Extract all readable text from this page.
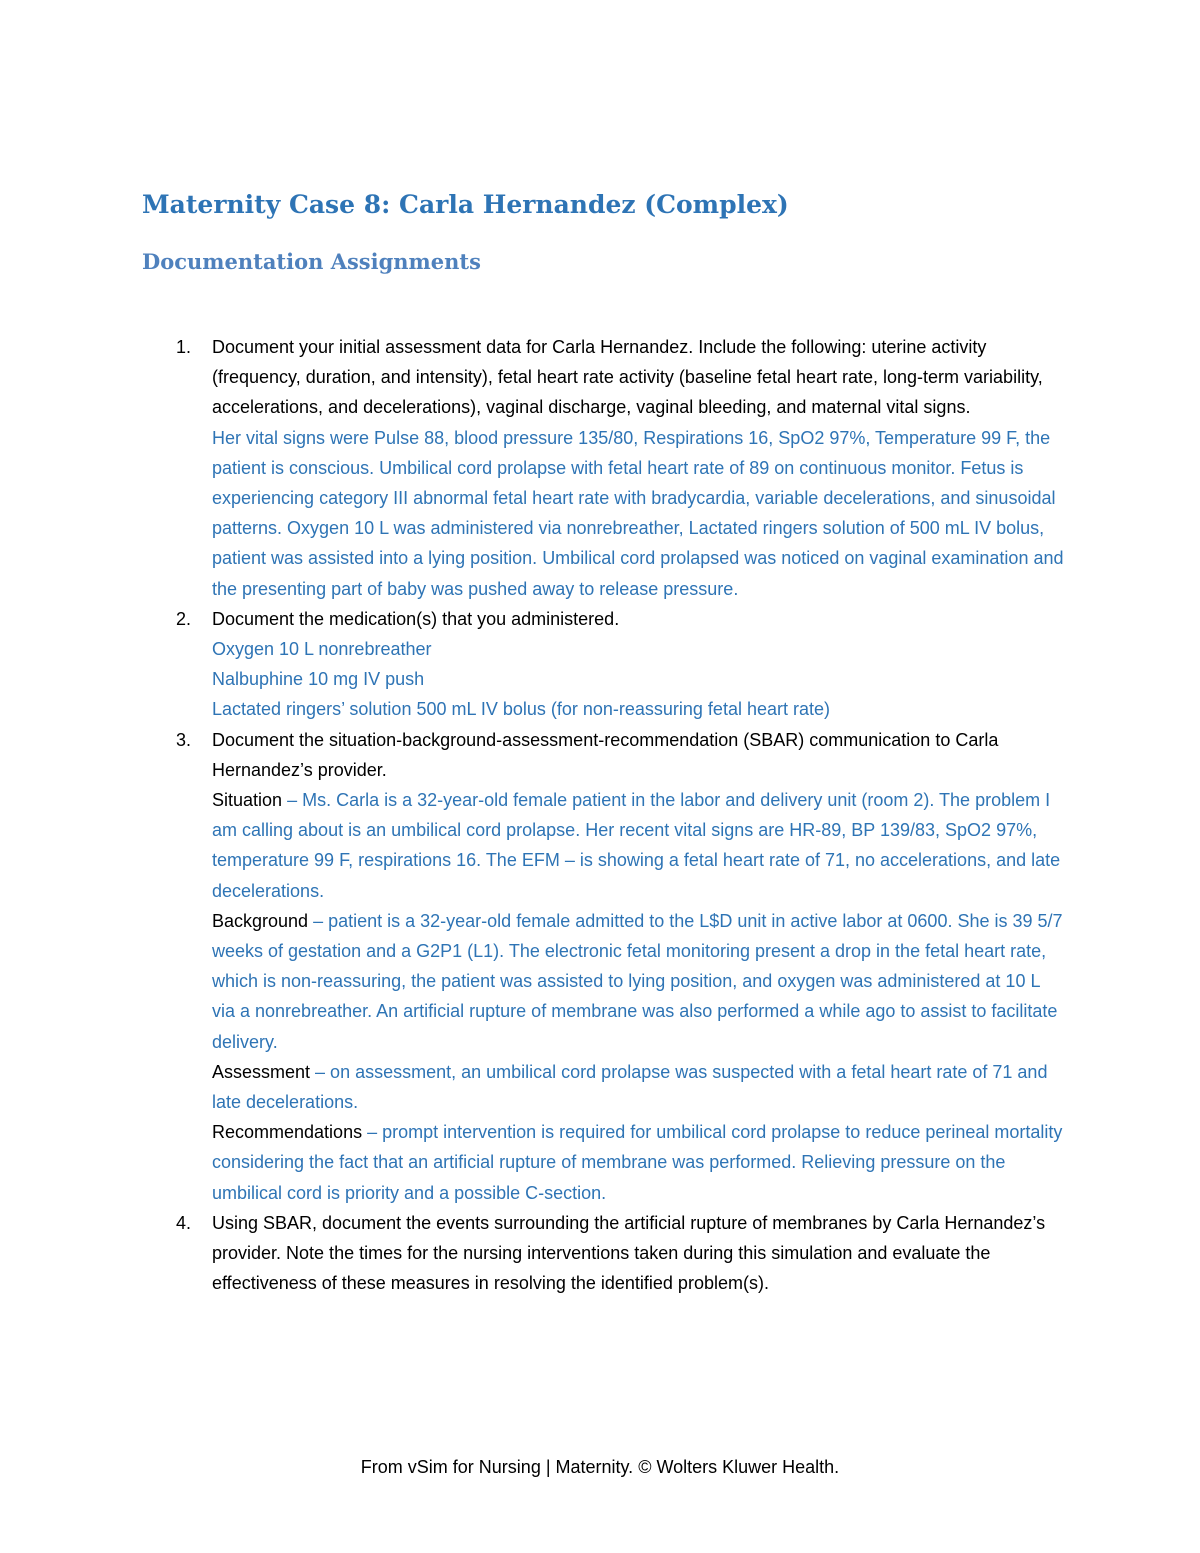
Maternity Case 8: Carla Hernandez (Complex)
Documentation Assignments
1. Document your initial assessment data for Carla Hernandez. Include the following: uterine activity (frequency, duration, and intensity), fetal heart rate activity (baseline fetal heart rate, long-term variability, accelerations, and decelerations), vaginal discharge, vaginal bleeding, and maternal vital signs.
Her vital signs were Pulse 88, blood pressure 135/80, Respirations 16, SpO2 97%, Temperature 99 F, the patient is conscious. Umbilical cord prolapse with fetal heart rate of 89 on continuous monitor. Fetus is experiencing category III abnormal fetal heart rate with bradycardia, variable decelerations, and sinusoidal patterns. Oxygen 10 L was administered via nonrebreather, Lactated ringers solution of 500 mL IV bolus, patient was assisted into a lying position. Umbilical cord prolapsed was noticed on vaginal examination and the presenting part of baby was pushed away to release pressure.
2. Document the medication(s) that you administered.
Oxygen 10 L nonrebreather
Nalbuphine 10 mg IV push
Lactated ringers’ solution 500 mL IV bolus (for non-reassuring fetal heart rate)
3. Document the situation-background-assessment-recommendation (SBAR) communication to Carla Hernandez’s provider.
Situation – Ms. Carla is a 32-year-old female patient in the labor and delivery unit (room 2). The problem I am calling about is an umbilical cord prolapse. Her recent vital signs are HR-89, BP 139/83, SpO2 97%, temperature 99 F, respirations 16. The EFM – is showing a fetal heart rate of 71, no accelerations, and late decelerations.
Background – patient is a 32-year-old female admitted to the L$D unit in active labor at 0600. She is 39 5/7 weeks of gestation and a G2P1 (L1). The electronic fetal monitoring present a drop in the fetal heart rate, which is non-reassuring, the patient was assisted to lying position, and oxygen was administered at 10 L via a nonrebreather. An artificial rupture of membrane was also performed a while ago to assist to facilitate delivery.
Assessment – on assessment, an umbilical cord prolapse was suspected with a fetal heart rate of 71 and late decelerations.
Recommendations – prompt intervention is required for umbilical cord prolapse to reduce perineal mortality considering the fact that an artificial rupture of membrane was performed. Relieving pressure on the umbilical cord is priority and a possible C-section.
4. Using SBAR, document the events surrounding the artificial rupture of membranes by Carla Hernandez’s provider. Note the times for the nursing interventions taken during this simulation and evaluate the effectiveness of these measures in resolving the identified problem(s).
From vSim for Nursing | Maternity. © Wolters Kluwer Health.
